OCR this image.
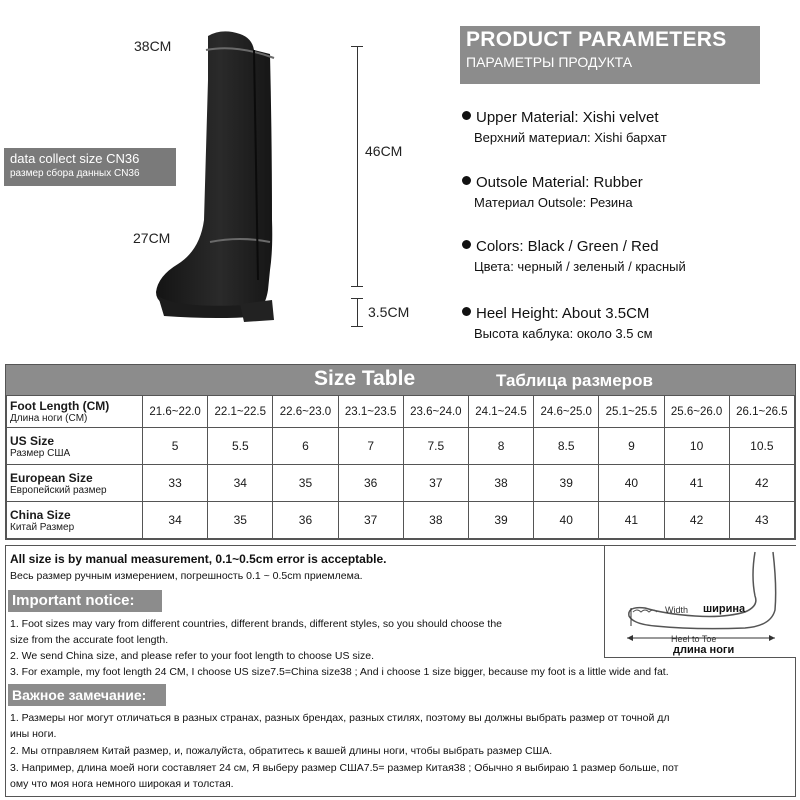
38CM
27CM
46CM
3.5CM
data collect size CN36
размер сбора данных CN36
PRODUCT PARAMETERS
ПАРАМЕТРЫ ПРОДУКТА
Upper Material: Xishi velvet
Верхний материал: Xishi бархат
Outsole Material: Rubber
Материал Outsole: Резина
Colors: Black / Green / Red
Цвета: черный / зеленый / красный
Heel Height: About 3.5CM
Высота каблука: около 3.5 см
Size Table	Таблица размеров
Foot Length (CM)
Длина ноги (CM)	21.6~22.0	22.1~22.5	22.6~23.0	23.1~23.5	23.6~24.0	24.1~24.5	24.6~25.0	25.1~25.5	25.6~26.0	26.1~26.5

US Size
Размер США	5	5.5	6	7	7.5	8	8.5	9	10	10.5

European Size
Европейский размер	33	34	35	36	37	38	39	40	41	42

China Size
Китай Размер	34	35	36	37	38	39	40	41	42	43
All size is by manual measurement, 0.1~0.5cm error is acceptable.
Весь размер ручным измерением, погрешность 0.1 ~ 0.5cm приемлема.
Important notice:
1. Foot sizes may vary from different countries, different brands, different styles, so you should choose the
size from the accurate foot length.
2. We send China size, and please refer to your foot length to choose US size.
3. For example, my foot length 24 CM, I choose US size7.5=China size38 ; And i choose 1 size bigger, because my foot is a little wide and fat.
Важное замечание:
1. Размеры ног могут отличаться в разных странах, разных брендах, разных стилях, поэтому вы должны выбрать размер от точной дл
ины ноги.
2. Мы отправляем Китай размер, и, пожалуйста, обратитесь к вашей длины ноги, чтобы выбрать размер США.
3. Например, длина моей ноги составляет 24 см, Я выберу размер США7.5= размер Китая38 ; Обычно я выбираю 1 размер больше, пот
ому что моя нога немного широкая и толстая.
Width ширина
Heel to Toe
длина ноги
